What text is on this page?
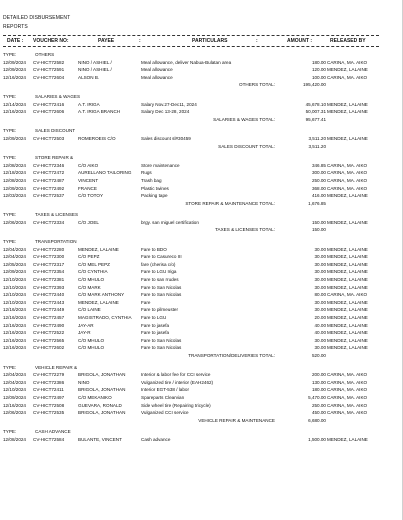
DETAILED DISBURSEMENT
REPORTS
DATE : VOUCHER NO:	PAYEE	:	PARTICULARS	:	AMOUNT :	RELEASED BY
TYPE:	OTHERS
12/09/2024 CV-HICT72582	NINO / ASHIEL /	Meal allowance, deliver Nabua-Bulatan area	180.00 CARINA, MA. AIKO
12/09/2024 CV-HICT72591	NINO / ASHIEL /	Meal allowance	120.00 MENDEZ, LALAINE
12/16/2024 CV-HICT72604	ALSON B.	Meal allowance	100.00 CARINA, MA. AIKO
OTHERS TOTAL:	195,420.00
TYPE:	SALARIES & WAGES
12/14/2024 CV-HICT72416	A.T. IRIGA	Salary Nov.27-Dec11, 2024	45,678.10 MENDEZ, LALAINE
12/16/2024 CV-HICT72606	A.T. IRIGA BRANCH	Salary Dec 13-28, 2024	50,007.31 MENDEZ, LALAINE
SALARIES & WAGES TOTAL:	95,677.41
TYPE:	SALES DISCOUNT
12/09/2024 CV-HICT72503	ROMEROEIS C/O	Sales discount sl#30459	3,511.20 MENDEZ, LALAINE
SALES DISCOUNT TOTAL:	3,511.20
TYPE:	STORE REPAIR &
12/08/2024 CV-HICT72346	C/O AIKO	Store maintenance	346.85 CARINA, MA. AIKO
12/18/2024 CV-HICT72472	AURELLANO TAILORING	Rugs	300.00 CARINA, MA. AIKO
12/08/2024 CV-HICT72487	VINCENT	Trash bag	250.00 CARINA, MA. AIKO
12/09/2024 CV-HICT72492	FRANCE	Plastic twines	368.00 CARINA, MA. AIKO
12/03/2024 CV-HICT72537	C/O TOTOY	Packing tape	416.00 MENDEZ, LALAINE
STORE REPAIR & MAINTENANCE TOTAL:	1,676.85
TYPE:	TAXES & LICENSES
12/06/2024 CV-HICT72334	C/O JOEL	brgy. san miguel certification	150.00 MENDEZ, LALAINE
TAXES & LICENSES TOTAL:	150.00
TYPE:	TRANSPORTATION
12/04/2024 CV-HICT72280	MENDEZ, LALAINE	Fare to BDO	30.00 MENDEZ, LALAINE
12/04/2024 CV-HICT72300	C/O PEPZ	Fare to Casureco III	30.00 MENDEZ, LALAINE
12/05/2024 CV-HICT72317	C/O MEL PEPZ	fare (cherisa c/o)	30.00 MENDEZ, LALAINE
12/09/2024 CV-HICT72354	C/O CYNTHIA	Fare to LGU Iriga	30.00 MENDEZ, LALAINE
12/10/2024 CV-HICT72381	C/O MHULO	Fare to san rrudes	30.00 MENDEZ, LALAINE
12/10/2024 CV-HICT72393	C/O MARK	Fare to San Nicolas	30.00 MENDEZ, LALAINE
12/10/2024 CV-HICT72440	C/O MARK ANTHONY	Fare to San Nicolas	80.00 CARINA, MA. AIKO
12/10/2024 CV-HICT72443	MENDEZ, LALAINE	Fare	30.00 MENDEZ, LALAINE
12/16/2024 CV-HICT72449	C/O LAINE	Fare to pilmeuster	30.00 MENDEZ, LALAINE
12/16/2024 CV-HICT72457	MAGISTRADO, CYNTHIA	Fare to LGU	20.00 MENDEZ, LALAINE
12/16/2024 CV-HICT72490	JAY-AR	Fare to jasefa	40.00 MENDEZ, LALAINE
12/16/2024 CV-HICT72522	JAY-R	Fare to jasefa	40.00 MENDEZ, LALAINE
12/16/2024 CV-HICT72565	C/O MHULO	Fare to San Nicolas	30.00 MENDEZ, LALAINE
12/16/2024 CV-HICT72602	C/O MHULO	Fare to San Nicolas	30.00 MENDEZ, LALAINE
TRANSPORTATION/DELIVERIES TOTAL:	520.00
TYPE:	VEHICLE REPAIR &
12/04/2024 CV-HICT72279	BRIGOLA, JONATHAN	Interior & labor fee for CCI service	200.00 CARINA, MA. AIKO
12/04/2024 CV-HICT72386	NINO	Vulganized tire / interior (EAH2462)	130.00 CARINA, MA. AIKO
12/10/2024 CV-HICT72411	BRIGOLA, JONATHAN	Interior EGT-538 / labor	180.00 CARINA, MA. AIKO
12/09/2024 CV-HICT72497	C/O MEKANIKO	Spareparts Clearvian	5,470.00 CARINA, MA. AIKO
12/16/2024 CV-HICT72508	GUEVARA, RONALD	Side wheel tire (Repairing tricycle)	250.00 CARINA, MA. AIKO
12/06/2024 CV-HICT72535	BRIGOLA, JONATHAN	Vulganized CCI service	450.00 CARINA, MA. AIKO
VEHICLE REPAIR & MAINTENANCE	6,680.00
TYPE:	CASH ADVANCE
12/08/2024 CV-HICT72584	BULANTE, VINCENT	Cash advance	1,500.00 MENDEZ, LALAINE
